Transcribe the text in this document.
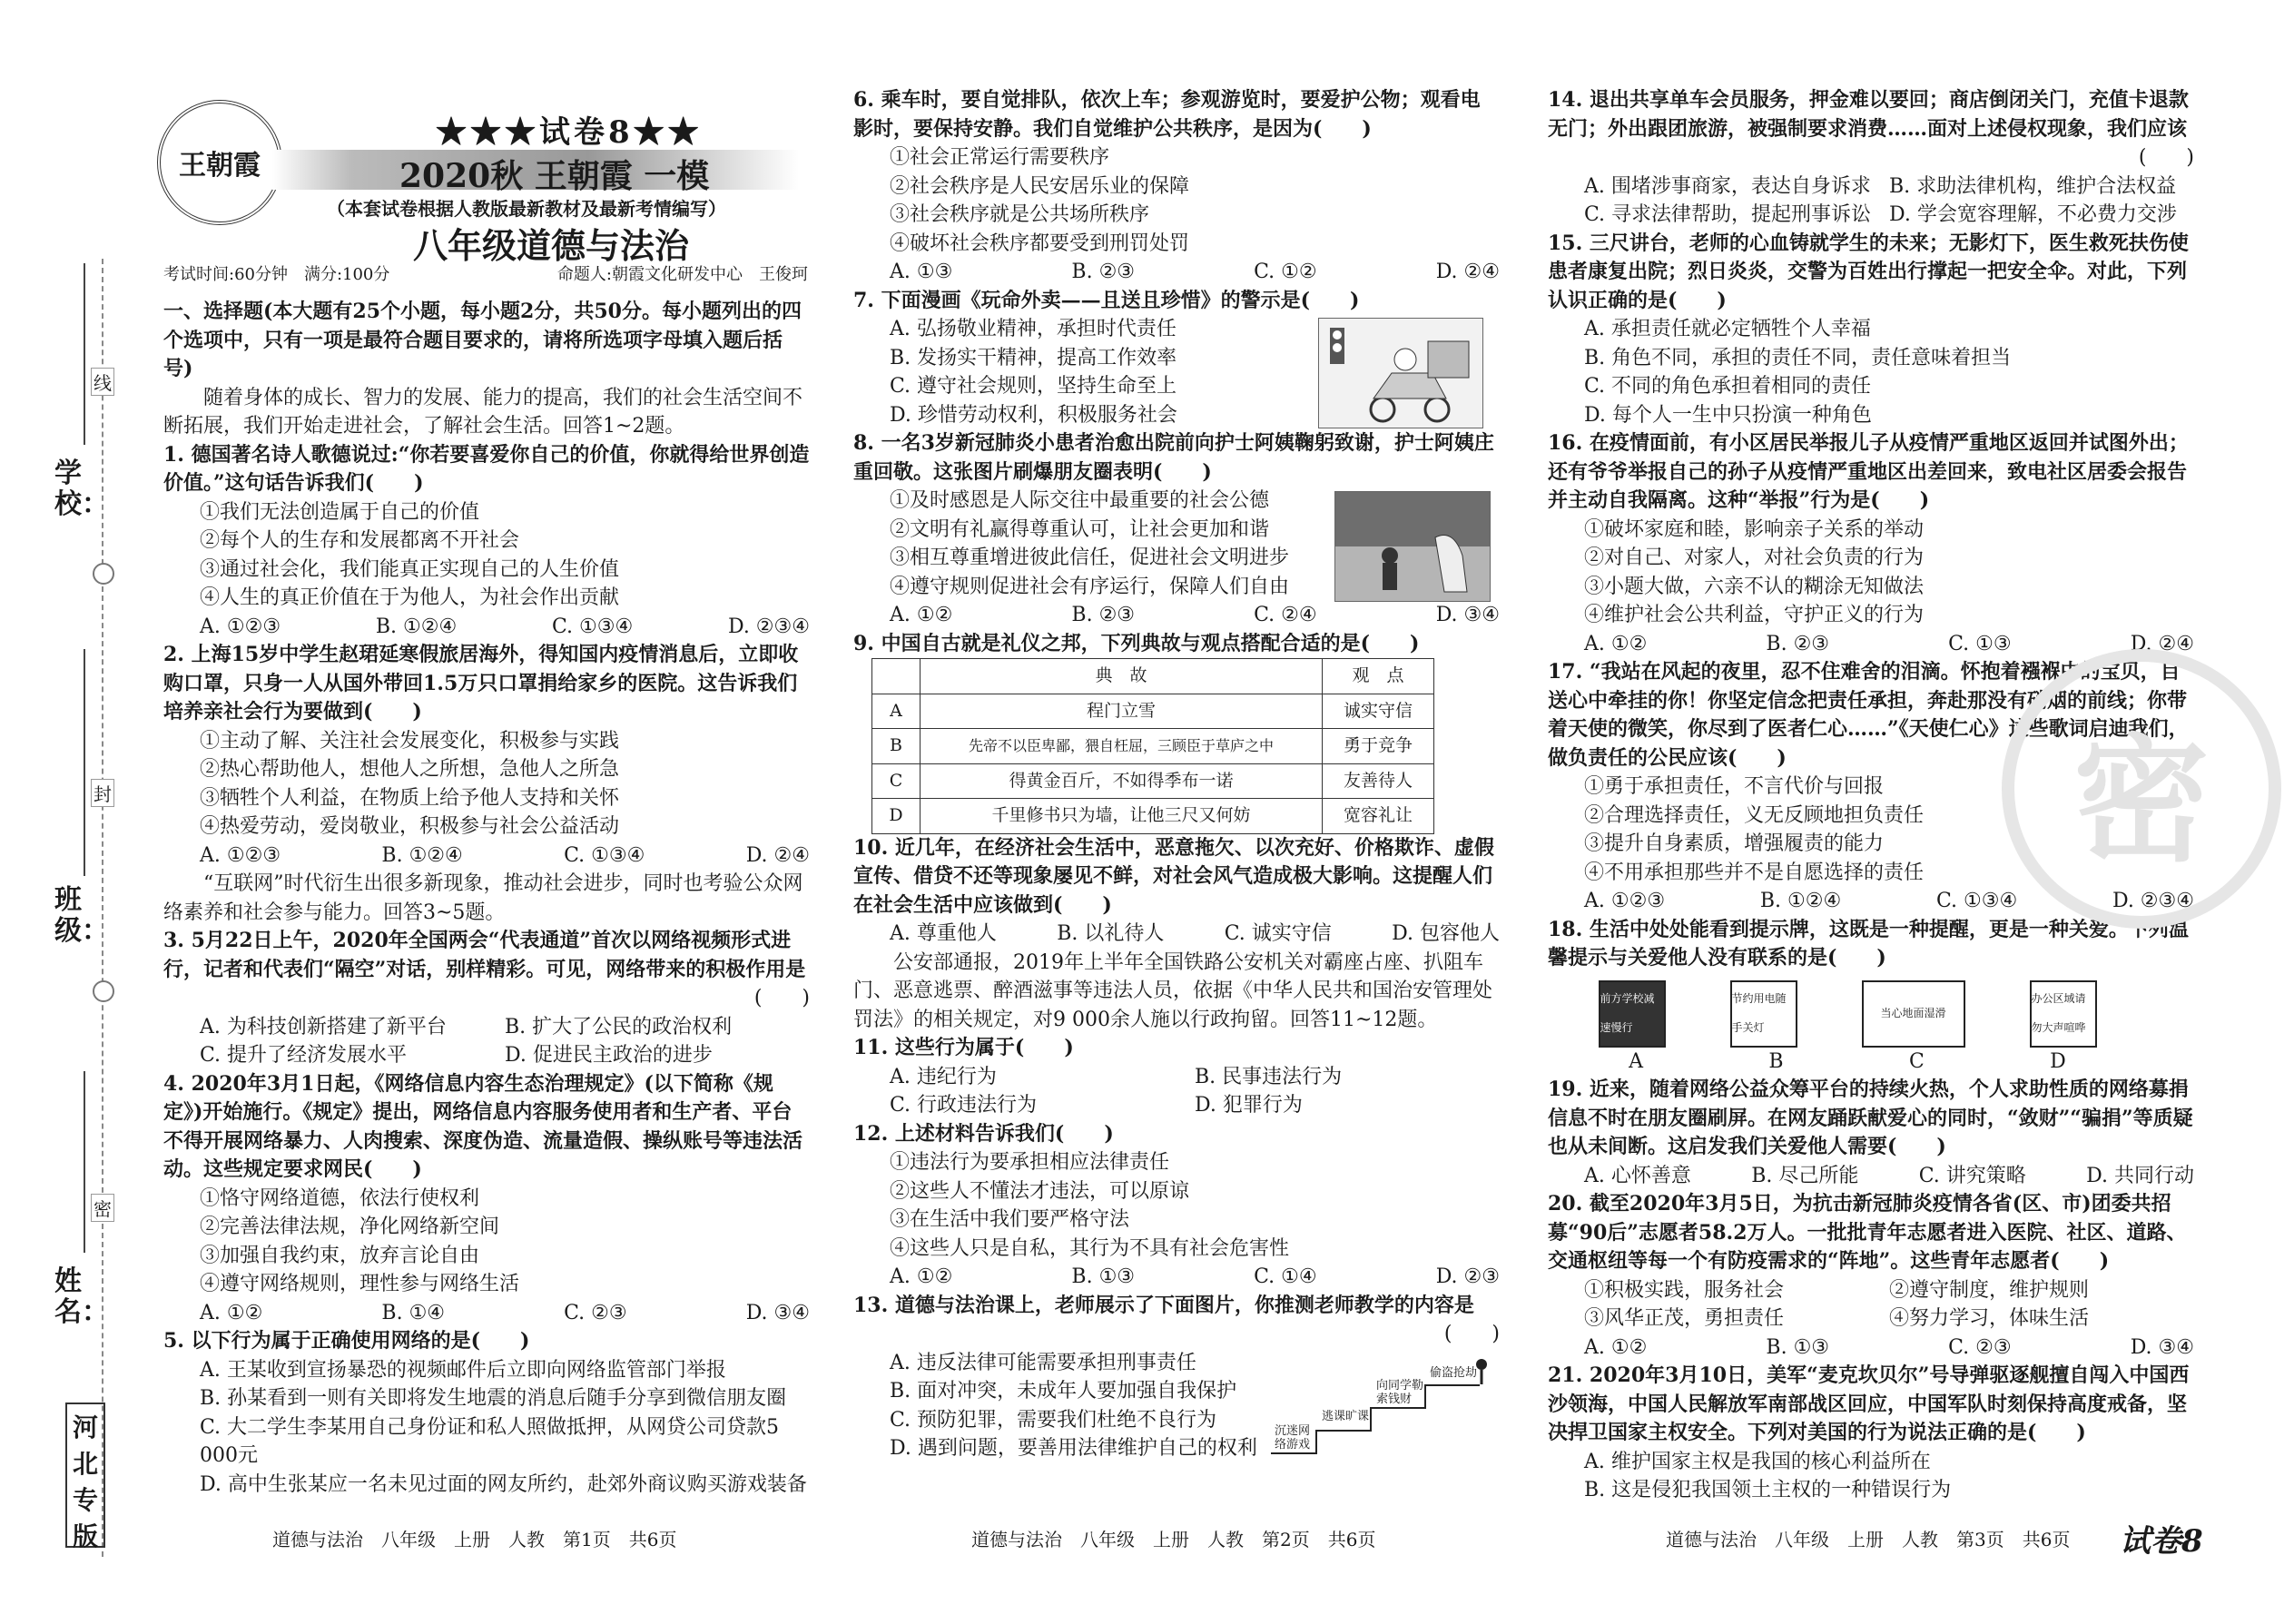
线
封
密
学校：
班级：
姓名：
河北专版
王朝霞
★★★试卷8★★
2020秋 王朝霞 一模
（本套试卷根据人教版最新教材及最新考情编写）
八年级道德与法治
考试时间:60分钟　满分:100分	命题人:朝霞文化研发中心　王俊珂

一、选择题(本大题有25个小题，每小题2分，共50分。每小题列出的四个选项中，只有一项是最符合题目要求的，请将所选项字母填入题后括号)

随着身体的成长、智力的发展、能力的提高，我们的社会生活空间不断拓展，我们开始走进社会，了解社会生活。回答1~2题。

1. 德国著名诗人歌德说过:“你若要喜爱你自己的价值，你就得给世界创造价值。”这句话告诉我们(　　)

①我们无法创造属于自己的价值

②每个人的生存和发展都离不开社会

③通过社会化，我们能真正实现自己的人生价值

④人生的真正价值在于为他人，为社会作出贡献

A. ①②③	B. ①②④	C. ①③④	D. ②③④

2. 上海15岁中学生赵珺延寒假旅居海外，得知国内疫情消息后，立即收购口罩，只身一人从国外带回1.5万只口罩捐给家乡的医院。这告诉我们培养亲社会行为要做到(　　)

①主动了解、关注社会发展变化，积极参与实践

②热心帮助他人，想他人之所想，急他人之所急

③牺牲个人利益，在物质上给予他人支持和关怀

④热爱劳动，爱岗敬业，积极参与社会公益活动

A. ①②③	B. ①②④	C. ①③④	D. ②④

“互联网”时代衍生出很多新现象，推动社会进步，同时也考验公众网络素养和社会参与能力。回答3~5题。

3. 5月22日上午，2020年全国两会“代表通道”首次以网络视频形式进行，记者和代表们“隔空”对话，别样精彩。可见，网络带来的积极作用是

(　　)

A. 为科技创新搭建了新平台	B. 扩大了公民的政治权利
C. 提升了经济发展水平	D. 促进民主政治的进步

4. 2020年3月1日起，《网络信息内容生态治理规定》(以下简称《规定》)开始施行。《规定》提出，网络信息内容服务使用者和生产者、平台不得开展网络暴力、人肉搜索、深度伪造、流量造假、操纵账号等违法活动。这些规定要求网民(　　)

①恪守网络道德，依法行使权利

②完善法律法规，净化网络新空间

③加强自我约束，放弃言论自由

④遵守网络规则，理性参与网络生活

A. ①②	B. ①④	C. ②③	D. ③④

5. 以下行为属于正确使用网络的是(　　)

A. 王某收到宣扬暴恐的视频邮件后立即向网络监管部门举报

B. 孙某看到一则有关即将发生地震的消息后随手分享到微信朋友圈

C. 大二学生李某用自己身份证和私人照做抵押，从网贷公司贷款5 000元

D. 高中生张某应一名未见过面的网友所约，赴郊外商议购买游戏装备

6. 乘车时，要自觉排队，依次上车；参观游览时，要爱护公物；观看电影时，要保持安静。我们自觉维护公共秩序，是因为(　　)

①社会正常运行需要秩序

②社会秩序是人民安居乐业的保障

③社会秩序就是公共场所秩序

④破坏社会秩序都要受到刑罚处罚

A. ①③	B. ②③	C. ①②	D. ②④

7. 下面漫画《玩命外卖——且送且珍惜》的警示是(　　)

A. 弘扬敬业精神，承担时代责任

B. 发扬实干精神，提高工作效率

C. 遵守社会规则，坚持生命至上

D. 珍惜劳动权利，积极服务社会

8. 一名3岁新冠肺炎小患者治愈出院前向护士阿姨鞠躬致谢，护士阿姨庄重回敬。这张图片刷爆朋友圈表明(　　)

①及时感恩是人际交往中最重要的社会公德

②文明有礼赢得尊重认可，让社会更加和谐

③相互尊重增进彼此信任，促进社会文明进步

④遵守规则促进社会有序运行，保障人们自由

A. ①②	B. ②③	C. ②④	D. ③④

9. 中国自古就是礼仪之邦，下列典故与观点搭配合适的是(　　)

	典　故	观　点
A	程门立雪	诚实守信
B	先帝不以臣卑鄙，猥自枉屈，三顾臣于草庐之中	勇于竞争
C	得黄金百斤，不如得季布一诺	友善待人
D	千里修书只为墙，让他三尺又何妨	宽容礼让

10. 近几年，在经济社会生活中，恶意拖欠、以次充好、价格欺诈、虚假宣传、借贷不还等现象屡见不鲜，对社会风气造成极大影响。这提醒人们在社会生活中应该做到(　　)

A. 尊重他人	B. 以礼待人	C. 诚实守信	D. 包容他人

公安部通报，2019年上半年全国铁路公安机关对霸座占座、扒阻车门、恶意逃票、醉酒滋事等违法人员，依据《中华人民共和国治安管理处罚法》的相关规定，对9 000余人施以行政拘留。回答11~12题。

11. 这些行为属于(　　)

A. 违纪行为	B. 民事违法行为
C. 行政违法行为	D. 犯罪行为

12. 上述材料告诉我们(　　)

①违法行为要承担相应法律责任

②这些人不懂法才违法，可以原谅

③在生活中我们要严格守法

④这些人只是自私，其行为不具有社会危害性

A. ①②	B. ①③	C. ①④	D. ②③

13. 道德与法治课上，老师展示了下面图片，你推测老师教学的内容是

(　　)

A. 违反法律可能需要承担刑事责任

B. 面对冲突，未成年人要加强自我保护

C. 预防犯罪，需要我们杜绝不良行为

D. 遇到问题，要善用法律维护自己的权利

沉迷网络游戏
逃课旷课
向同学勒索钱财
偷盗抢劫

14. 退出共享单车会员服务，押金难以要回；商店倒闭关门，充值卡退款无门；外出跟团旅游，被强制要求消费……面对上述侵权现象，我们应该

(　　)

A. 围堵涉事商家，表达自身诉求 B. 求助法律机构，维护合法权益
C. 寻求法律帮助，提起刑事诉讼 D. 学会宽容理解，不必费力交涉

15. 三尺讲台，老师的心血铸就学生的未来；无影灯下，医生救死扶伤使患者康复出院；烈日炎炎，交警为百姓出行撑起一把安全伞。对此，下列认识正确的是(　　)

A. 承担责任就必定牺牲个人幸福

B. 角色不同，承担的责任不同，责任意味着担当

C. 不同的角色承担着相同的责任

D. 每个人一生中只扮演一种角色

16. 在疫情面前，有小区居民举报儿子从疫情严重地区返回并试图外出；还有爷爷举报自己的孙子从疫情严重地区出差回来，致电社区居委会报告并主动自我隔离。这种“举报”行为是(　　)

①破坏家庭和睦，影响亲子关系的举动

②对自己、对家人，对社会负责的行为

③小题大做，六亲不认的糊涂无知做法

④维护社会公共利益，守护正义的行为

A. ①②	B. ②③	C. ①③	D. ②④

17. “我站在风起的夜里，忍不住难舍的泪滴。怀抱着襁褓中的宝贝，目送心中牵挂的你！你坚定信念把责任承担，奔赴那没有硝烟的前线；你带着天使的微笑，你尽到了医者仁心……”《天使仁心》这些歌词启迪我们，做负责任的公民应该(　　)

①勇于承担责任，不言代价与回报

②合理选择责任，义无反顾地担负责任

③提升自身素质，增强履责的能力

④不用承担那些并不是自愿选择的责任

A. ①②③	B. ①②④	C. ①③④	D. ②③④

18. 生活中处处能看到提示牌，这既是一种提醒，更是一种关爱。下列温馨提示与关爱他人没有联系的是(　　)

前方学校减速慢行
节约用电随手关灯
当心地面湿滑
办公区域请勿大声喧哗
A	B	C	D

19. 近来，随着网络公益众筹平台的持续火热，个人求助性质的网络募捐信息不时在朋友圈刷屏。在网友踊跃献爱心的同时，“敛财”“骗捐”等质疑也从未间断。这启发我们关爱他人需要(　　)

A. 心怀善意	B. 尽己所能	C. 讲究策略	D. 共同行动

20. 截至2020年3月5日，为抗击新冠肺炎疫情各省(区、市)团委共招募“90后”志愿者58.2万人。一批批青年志愿者进入医院、社区、道路、交通枢纽等每一个有防疫需求的“阵地”。这些青年志愿者(　　)

①积极实践，服务社会	②遵守制度，维护规则
③风华正茂，勇担责任	④努力学习，体味生活
A. ①②	B. ①③	C. ②③	D. ③④

21. 2020年3月10日，美军“麦克坎贝尔”号导弹驱逐舰擅自闯入中国西沙领海，中国人民解放军南部战区回应，中国军队时刻保持高度戒备，坚决捍卫国家主权安全。下列对美国的行为说法正确的是(　　)

A. 维护国家主权是我国的核心利益所在

B. 这是侵犯我国领土主权的一种错误行为

密
道德与法治　八年级　上册　人教　第1页　共6页	道德与法治　八年级　上册　人教　第2页　共6页	道德与法治　八年级　上册　人教　第3页　共6页 试卷8
